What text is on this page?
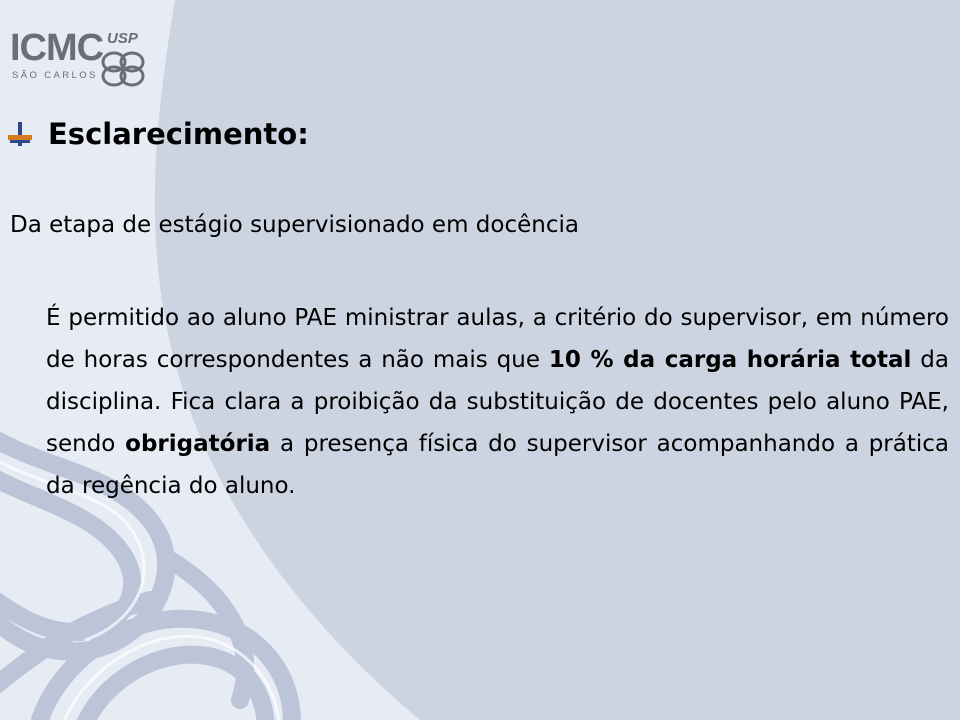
ICMC USP
SÃO CARLOS
Esclarecimento:
Da etapa de estágio supervisionado em docência
É permitido ao aluno PAE ministrar aulas, a critério do supervisor, em número de horas correspondentes a não mais que 10 % da carga horária total da disciplina. Fica clara a proibição da substituição de docentes pelo aluno PAE, sendo obrigatória a presença física do supervisor acompanhando a prática da regência do aluno.
